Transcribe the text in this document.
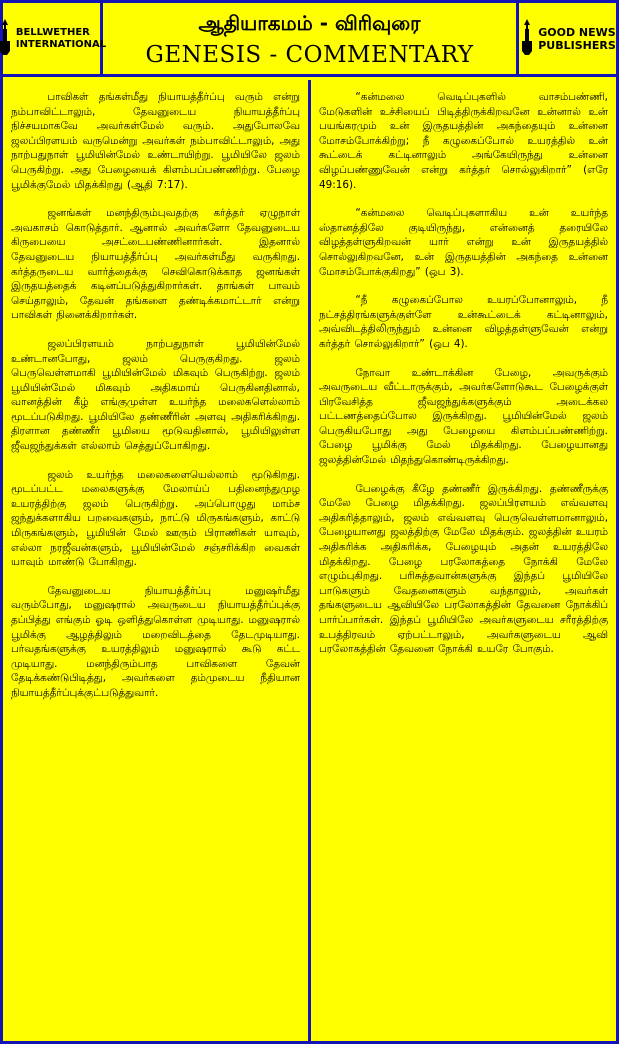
BELLWETHER
INTERNATIONAL
ஆதியாகமம் - விரிவுரை
GENESIS - COMMENTARY
GOOD NEWS
PUBLISHERS

பாவிகள் தங்கள்மீது நியாயத்தீர்ப்பு வரும் என்று நம்பாவிட்டாலும், தேவனுடைய நியாயத்தீர்ப்பு நிச்சயமாகவே அவர்கள்மேல் வரும். அதுபோலவே ஜலப்பிரளயம் வருமென்று அவர்கள் நம்பாவிட்டாலும், அது நாற்பதுநாள் பூமியின்மேல் உண்டாயிற்று. பூமியிலே ஜலம் பெருகிற்று. அது பேழையைக் கிளம்பப்பண்ணிற்று. பேழை பூமிக்குமேல் மிதக்கிறது (ஆதி 7:17).

ஜனங்கள் மனந்திரும்புவதற்கு கர்த்தர் ஏழுநாள் அவகாசம் கொடுத்தார். ஆனால் அவர்களோ தேவனுடைய கிருபையை அசட்டைபண்ணினார்கள். இதனால் தேவனுடைய நியாயத்தீர்ப்பு அவர்கள்மீது வருகிறது. கர்த்தருடைய வார்த்தைக்கு செவிகொடுக்காத ஜனங்கள் இருதயத்தைக் கடினப்படுத்துகிறார்கள். தாங்கள் பாவம் செய்தாலும், தேவன் தங்களை தண்டிக்கமாட்டார் என்று பாவிகள் நினைக்கிறார்கள்.

ஜலப்பிரளயம் நாற்பதுநாள் பூமியின்மேல் உண்டானபோது, ஜலம் பெருகுகிறது. ஜலம் பெருவெள்ளமாகி பூமியின்மேல் மிகவும் பெருகிற்று. ஜலம் பூமியின்மேல் மிகவும் அதிகமாய் பெருகினதினால், வானத்தின் கீழ் எங்குமுள்ள உயர்ந்த மலைகளெல்லாம் மூடப்படுகிறது. பூமியிலே தண்ணீரின் அளவு அதிகரிக்கிறது. திரளான தண்ணீர் பூமியை மூடுவதினால், பூமியிலுள்ள ஜீவஜந்துக்கள் எல்லாம் செத்துப்போகிறது.

ஜலம் உயர்ந்த மலைகளையெல்லாம் மூடுகிறது. மூடப்பட்ட மலைகளுக்கு மேலாய்ப் பதினைந்துமுழ உயரத்திற்கு ஜலம் பெருகிற்று. அப்பொழுது மாம்ச ஜந்துக்களாகிய பறவைகளும், நாட்டு மிருகங்களும், காட்டு மிருகங்களும், பூமியின் மேல் ஊரும் பிராணிகள் யாவும், எல்லா நரஜீவன்களும், பூமியின்மேல் சஞ்சரிக்கிற வைகள் யாவும் மாண்டு போகிறது.

தேவனுடைய நியாயத்தீர்ப்பு மனுஷர்மீது வரும்போது, மனுஷரால் அவருடைய நியாயத்தீர்ப்புக்கு தப்பித்து எங்கும் ஓடி ஒளித்துகொள்ள முடியாது. மனுஷரால் பூமிக்கு ஆழத்திலும் மறைவிடத்தை தேடமுடியாது. பர்வதங்களுக்கு உயரத்திலும் மனுஷரால் கூடு கட்ட முடியாது. மனந்திரும்பாத பாவிகளை தேவன் தேடிக்கண்டுபிடித்து, அவர்களை தம்முடைய நீதியான நியாயத்தீர்ப்புக்குட்படுத்துவார்.

“கன்மலை வெடிப்புகளில் வாசம்பண்ணி, மேடுகளின் உச்சியைப் பிடித்திருக்கிறவனே உன்னால் உன் பயங்கரமும் உன் இருதயத்தின் அகந்தையும் உன்னை மோசம்போக்கிற்று; நீ கழுகைப்போல் உயரத்தில் உன் கூட்டைக் கட்டினாலும் அங்கேயிருந்து உன்னை விழப்பண்ணுவேன் என்று கர்த்தர் சொல்லுகிறார்” (எரே 49:16).

“கன்மலை வெடிப்புகளாகிய உன் உயர்ந்த ஸ்தானத்திலே குடியிருந்து, என்னைத் தரையிலே விழத்தள்ளுகிறவன் யார் என்று உன் இருதயத்தில் சொல்லுகிறவனே, உன் இருதயத்தின் அகந்தை உன்னை மோசம்போக்குகிறது” (ஒப 3).

“நீ கழுகைப்போல உயரப்போனாலும், நீ நட்சத்திரங்களுக்குள்ளே உன்கூட்டைக் கட்டினாலும், அவ்விடத்திலிருந்தும் உன்னை விழத்தள்ளுவேன் என்று கர்த்தர் சொல்லுகிறார்” (ஒப 4).

நோவா உண்டாக்கின பேழை, அவருக்கும் அவருடைய வீட்டாருக்கும், அவர்களோடுகூட பேழைக்குள் பிரவேசித்த ஜீவஜந்துக்களுக்கும் அடைக்கல பட்டணத்தைப்போல இருக்கிறது. பூமியின்மேல் ஜலம் பெருகியபோது அது பேழையை கிளம்பப்பண்ணிற்று. பேழை பூமிக்கு மேல் மிதக்கிறது. பேழையானது ஜலத்தின்மேல் மிதந்துகொண்டிருக்கிறது.

பேழைக்கு கீழே தண்ணீர் இருக்கிறது. தண்ணீருக்கு மேலே பேழை மிதக்கிறது. ஜலப்பிரளயம் எவ்வளவு அதிகரித்தாலும், ஜலம் எவ்வளவு பெருவெள்ளமானாலும், பேழையானது ஜலத்திற்கு மேலே மிதக்கும். ஜலத்தின் உயரம் அதிகரிக்க அதிகரிக்க, பேழையும் அதன் உயரத்திலே மிதக்கிறது. பேழை பரலோகத்தை நோக்கி மேலே எழும்புகிறது. பரிசுத்தவான்களுக்கு இந்தப் பூமியிலே பாடுகளும் வேதனைகளும் வந்தாலும், அவர்கள் தங்களுடைய ஆவியிலே பரலோகத்தின் தேவனை நோக்கிப் பார்ப்பார்கள். இந்தப் பூமியிலே அவர்களுடைய சரீரத்திற்கு உபத்திரவம் ஏற்பட்டாலும், அவர்களுடைய ஆவி பரலோகத்தின் தேவனை நோக்கி உயரே போகும்.
